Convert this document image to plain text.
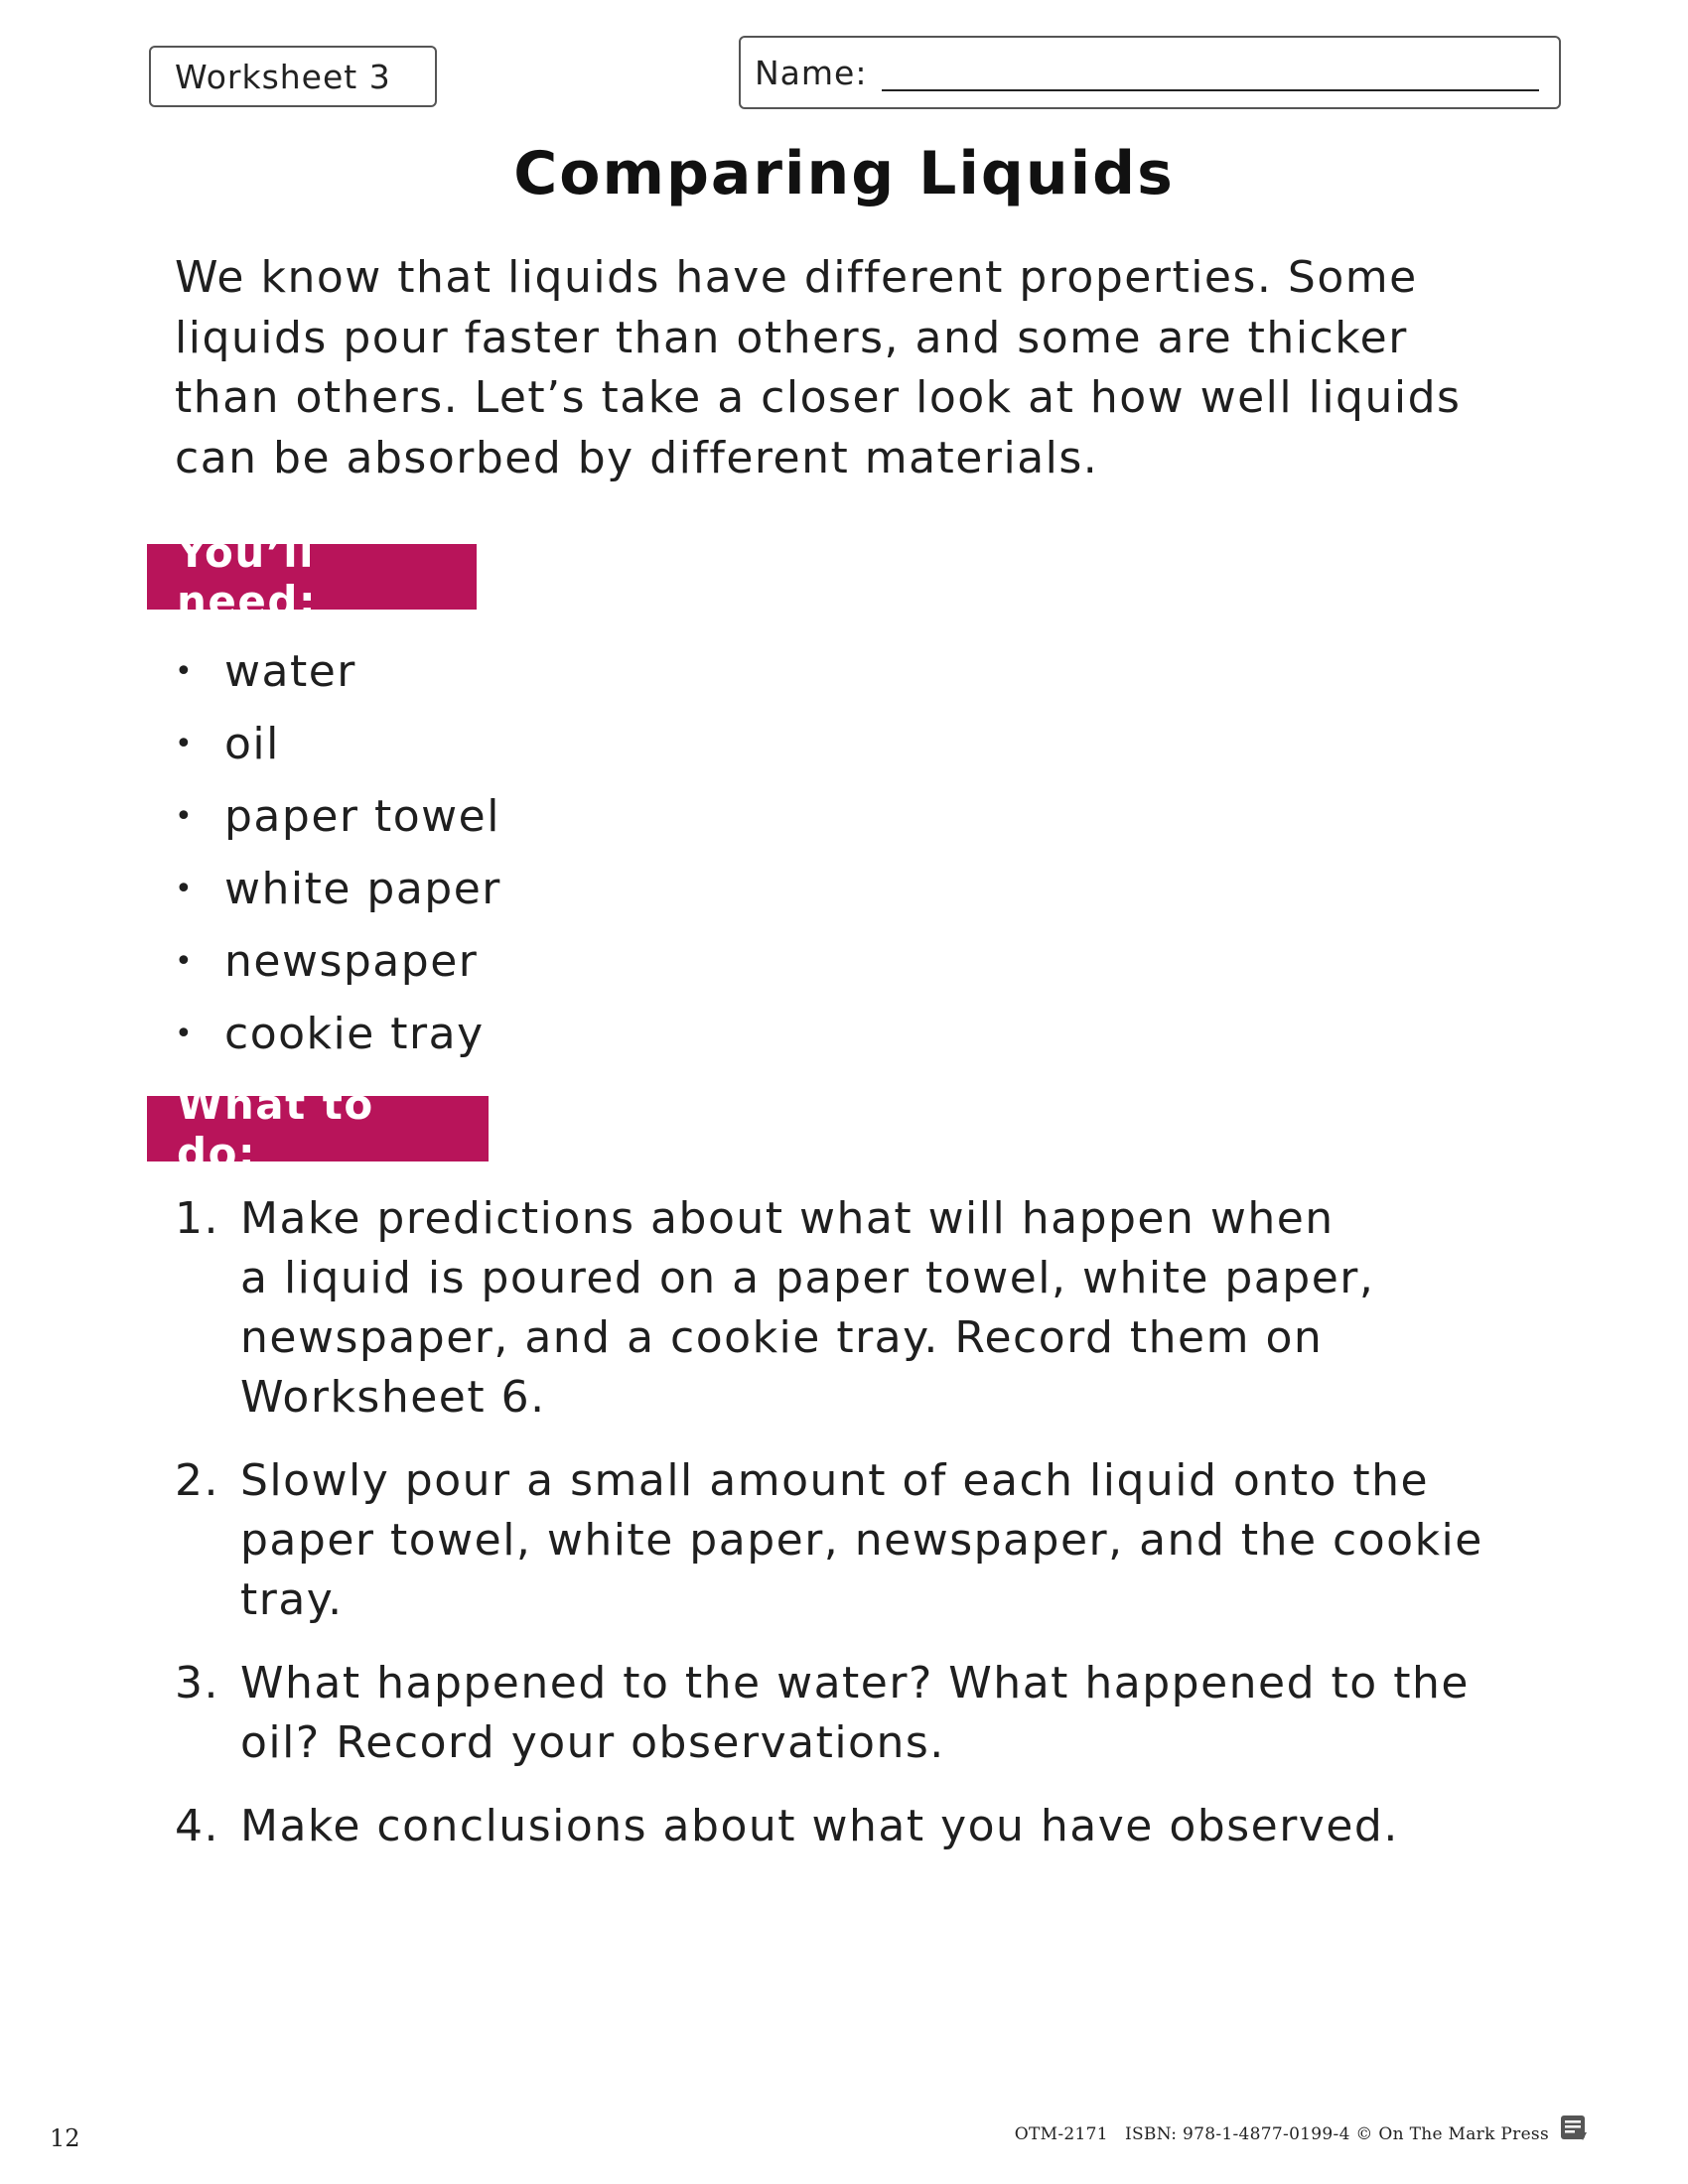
Worksheet 3	Name:
Comparing Liquids
We know that liquids have different properties. Some
liquids pour faster than others, and some are thicker
than others. Let’s take a closer look at how well liquids
can be absorbed by different materials.
You’ll need:
• water
• oil
• paper towel
• white paper
• newspaper
• cookie tray
What to do:
1. Make predictions about what will happen when
a liquid is poured on a paper towel, white paper,
newspaper, and a cookie tray. Record them on
Worksheet 6.
2. Slowly pour a small amount of each liquid onto the
paper towel, white paper, newspaper, and the cookie
tray.
3. What happened to the water? What happened to the
oil? Record your observations.
4. Make conclusions about what you have observed.
12	OTM-2171   ISBN: 978-1-4877-0199-4 © On The Mark Press
